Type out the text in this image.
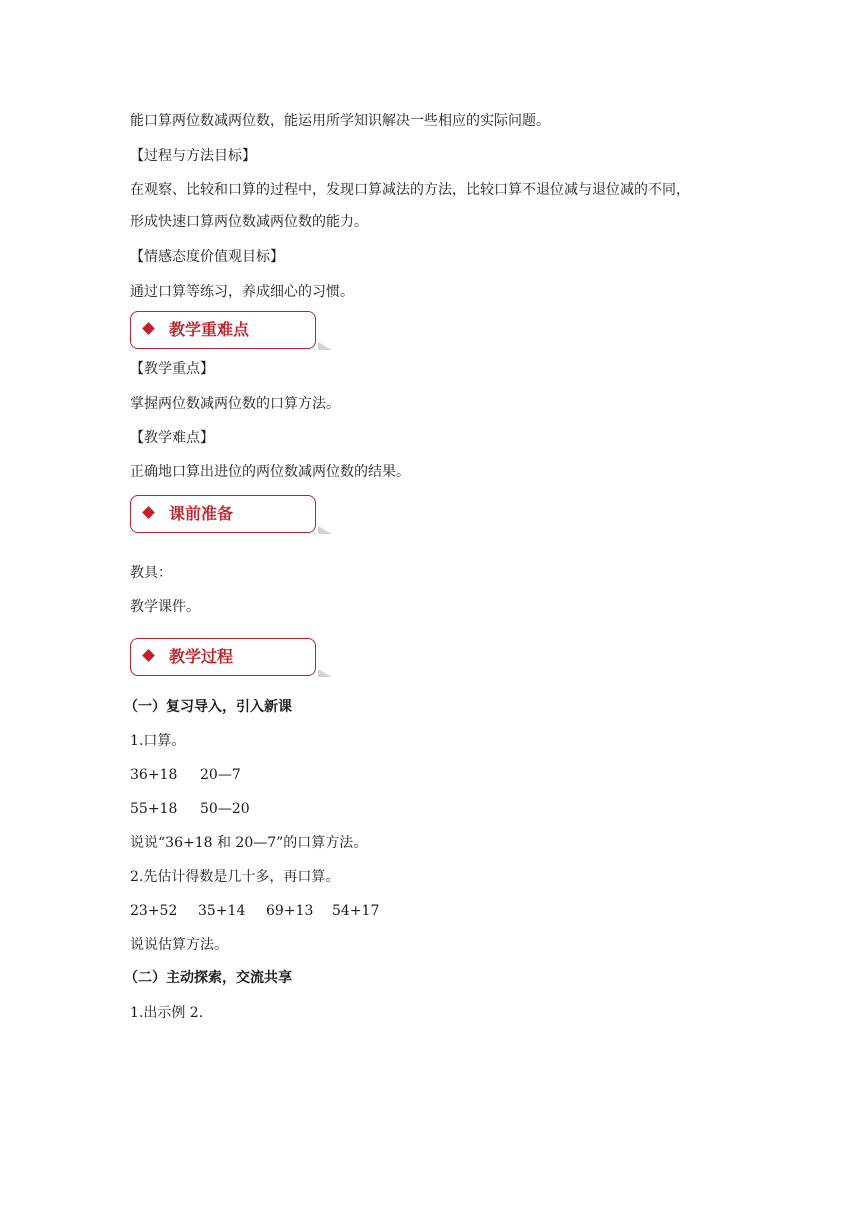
能口算两位数减两位数，能运用所学知识解决一些相应的实际问题。
【过程与方法目标】
在观察、比较和口算的过程中，发现口算减法的方法，比较口算不退位减与退位减的不同，
形成快速口算两位数减两位数的能力。
【情感态度价值观目标】
通过口算等练习，养成细心的习惯。
教学重难点
【教学重点】
掌握两位数减两位数的口算方法。
【教学难点】
正确地口算出进位的两位数减两位数的结果。
课前准备
教具：
教学课件。
教学过程
（一）复习导入，引入新课
1.口算。
36+18 20—7
55+18 50—20
说说“36+18 和 20—7”的口算方法。
2.先估计得数是几十多，再口算。
23+52 35+14 69+13 54+17
说说估算方法。
（二）主动探索，交流共享
1.出示例 2.
